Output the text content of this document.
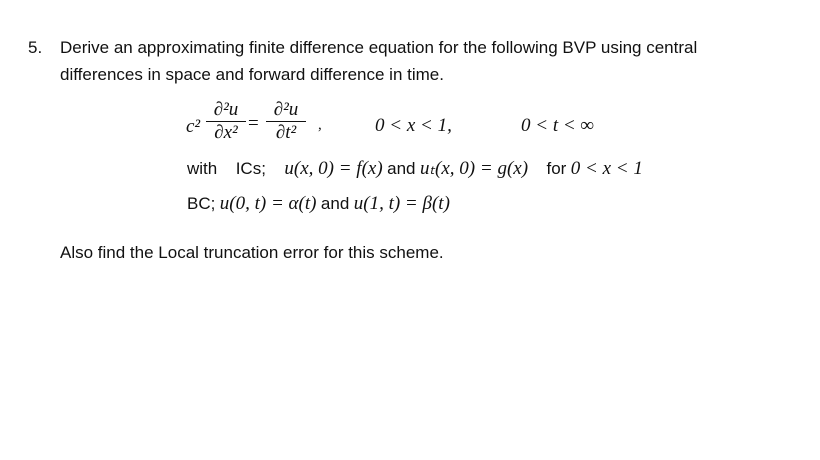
5. Derive an approximating finite difference equation for the following BVP using central
differences in space and forward difference in time.
c²
∂²u
∂x² =
∂²u
∂t²	,	0 < x < 1,	0 < t < ∞
with ICs; u(x, 0) = f(x) and uₜ(x, 0) = g(x) for 0 < x < 1
BC; u(0, t) = α(t) and u(1, t) = β(t)
Also find the Local truncation error for this scheme.
